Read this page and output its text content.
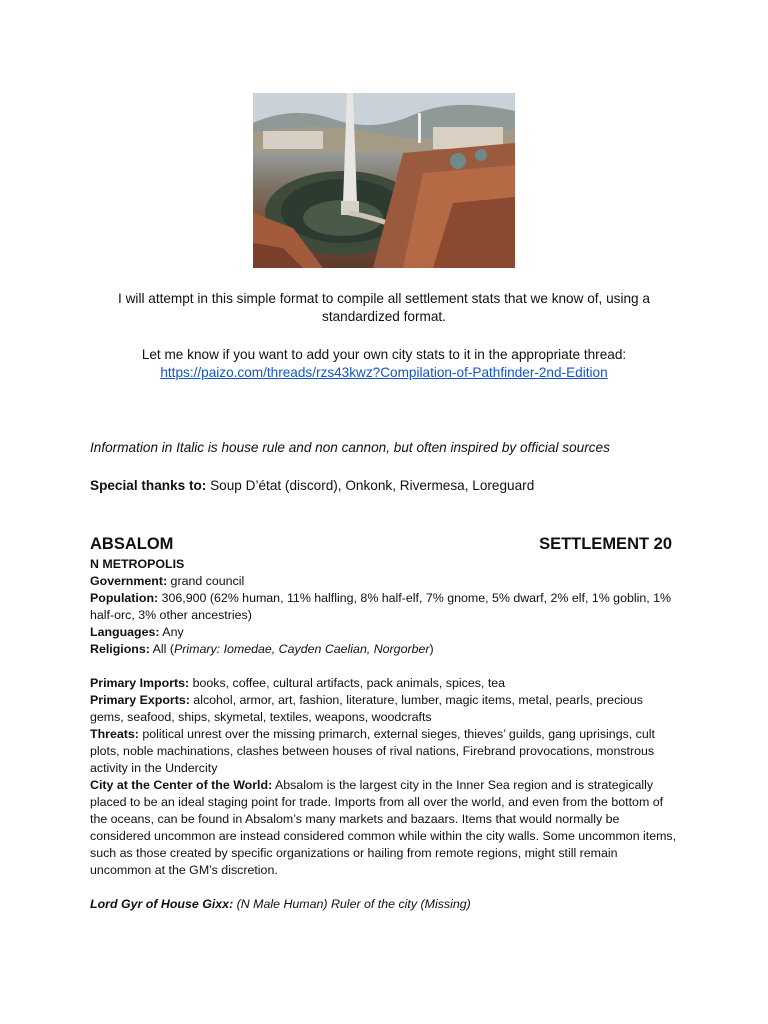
I will attempt in this simple format to compile all settlement stats that we know of, using a standardized format.
Let me know if you want to add your own city stats to it in the appropriate thread:
https://paizo.com/threads/rzs43kwz?Compilation-of-Pathfinder-2nd-Edition
Information in Italic is house rule and non cannon, but often inspired by official sources
Special thanks to: Soup D’état (discord), Onkonk, Rivermesa, Loreguard
ABSALOM	SETTLEMENT 20

N METROPOLIS

Government: grand council

Population: 306,900 (62% human, 11% halfling, 8% half-elf, 7% gnome, 5% dwarf, 2% elf, 1% goblin, 1% half-orc, 3% other ancestries)

Languages: Any

Religions: All (Primary: Iomedae, Cayden Caelian, Norgorber)

Primary Imports: books, coffee, cultural artifacts, pack animals, spices, tea

Primary Exports: alcohol, armor, art, fashion, literature, lumber, magic items, metal, pearls, precious gems, seafood, ships, skymetal, textiles, weapons, woodcrafts

Threats: political unrest over the missing primarch, external sieges, thieves’ guilds, gang uprisings, cult plots, noble machinations, clashes between houses of rival nations, Firebrand provocations, monstrous activity in the Undercity

City at the Center of the World: Absalom is the largest city in the Inner Sea region and is strategically placed to be an ideal staging point for trade. Imports from all over the world, and even from the bottom of the oceans, can be found in Absalom’s many markets and bazaars. Items that would normally be considered uncommon are instead considered common while within the city walls. Some uncommon items, such as those created by specific organizations or hailing from remote regions, might still remain uncommon at the GM’s discretion.

Lord Gyr of House Gixx: (N Male Human) Ruler of the city (Missing)
